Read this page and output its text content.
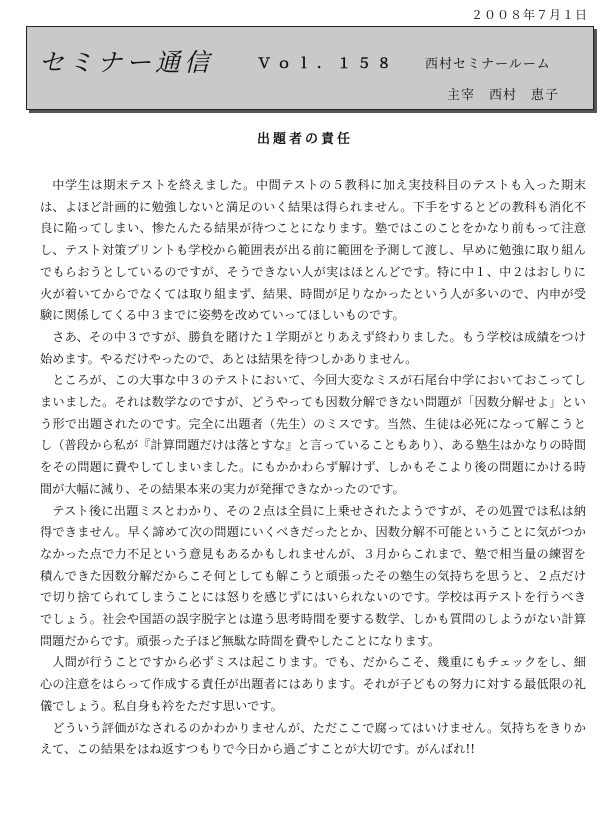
２００８年７月１日
セミナー通信	Ｖｏｌ．１５８ 西村セミナールーム
主宰　西村　恵子
出題者の責任

中学生は期末テストを終えました。中間テストの５教科に加え実技科目のテストも入った期末は、よほど計画的に勉強しないと満足のいく結果は得られません。下手をするとどの教科も消化不良に陥ってしまい、惨たんたる結果が待つことになります。塾ではこのことをかなり前もって注意し、テスト対策プリントも学校から範囲表が出る前に範囲を予測して渡し、早めに勉強に取り組んでもらおうとしているのですが、そうできない人が実はほとんどです。特に中１、中２はおしりに火が着いてからでなくては取り組まず、結果、時間が足りなかったという人が多いので、内申が受験に関係してくる中３までに姿勢を改めていってほしいものです。

さあ、その中３ですが、勝負を賭けた１学期がとりあえず終わりました。もう学校は成績をつけ始めます。やるだけやったので、あとは結果を待つしかありません。

ところが、この大事な中３のテストにおいて、今回大変なミスが石尾台中学においておこってしまいました。それは数学なのですが、どうやっても因数分解できない問題が「因数分解せよ」という形で出題されたのです。完全に出題者（先生）のミスです。当然、生徒は必死になって解こうとし（普段から私が『計算問題だけは落とすな』と言っていることもあり）、ある塾生はかなりの時間をその問題に費やしてしまいました。にもかかわらず解けず、しかもそこより後の問題にかける時間が大幅に減り、その結果本来の実力が発揮できなかったのです。

テスト後に出題ミスとわかり、その２点は全員に上乗せされたようですが、その処置では私は納得できません。早く諦めて次の問題にいくべきだったとか、因数分解不可能ということに気がつかなかった点で力不足という意見もあるかもしれませんが、３月からこれまで、塾で相当量の練習を積んできた因数分解だからこそ何としても解こうと頑張ったその塾生の気持ちを思うと、２点だけで切り捨てられてしまうことには怒りを感じずにはいられないのです。学校は再テストを行うべきでしょう。社会や国語の誤字脱字とは違う思考時間を要する数学、しかも質問のしようがない計算問題だからです。頑張った子ほど無駄な時間を費やしたことになります。

人間が行うことですから必ずミスは起こります。でも、だからこそ、幾重にもチェックをし、細心の注意をはらって作成する責任が出題者にはあります。それが子どもの努力に対する最低限の礼儀でしょう。私自身も衿をただす思いです。

どういう評価がなされるのかわかりませんが、ただここで腐ってはいけません。気持ちをきりかえて、この結果をはね返すつもりで今日から過ごすことが大切です。がんばれ!!
